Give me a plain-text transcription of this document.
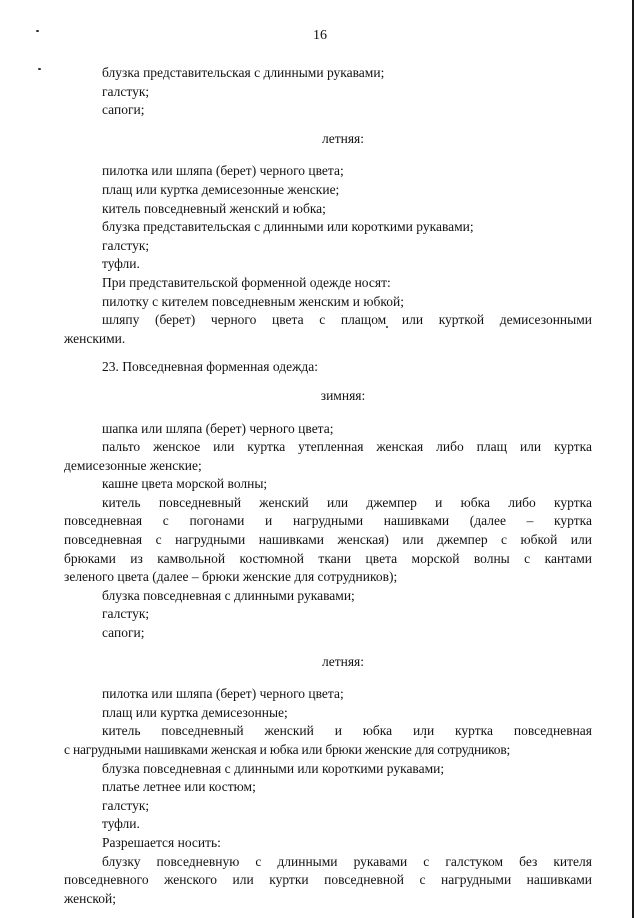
16

блузка представительская с длинными рукавами;

галстук;

сапоги;

летняя:

пилотка или шляпа (берет) черного цвета;

плащ или куртка демисезонные женские;

китель повседневный женский и юбка;

блузка представительская с длинными или короткими рукавами;

галстук;

туфли.

При представительской форменной одежде носят:

пилотку с кителем повседневным женским и юбкой;

шляпу (берет) черного цвета с плащом или курткой демисезонными

женскими.

23. Повседневная форменная одежда:

зимняя:

шапка или шляпа (берет) черного цвета;

пальто женское или куртка утепленная женская либо плащ или куртка

демисезонные женские;

кашне цвета морской волны;

китель повседневный женский или джемпер и юбка либо куртка

повседневная с погонами и нагрудными нашивками (далее – куртка

повседневная с нагрудными нашивками женская) или джемпер с юбкой или

брюками из камвольной костюмной ткани цвета морской волны с кантами

зеленого цвета (далее – брюки женские для сотрудников);

блузка повседневная с длинными рукавами;

галстук;

сапоги;

летняя:

пилотка или шляпа (берет) черного цвета;

плащ или куртка демисезонные;

китель повседневный женский и юбка или куртка повседневная

с нагрудными нашивками женская и юбка или брюки женские для сотрудников;

блузка повседневная с длинными или короткими рукавами;

платье летнее или костюм;

галстук;

туфли.

Разрешается носить:

блузку повседневную с длинными рукавами с галстуком без кителя

повседневного женского или куртки повседневной с нагрудными нашивками

женской;
